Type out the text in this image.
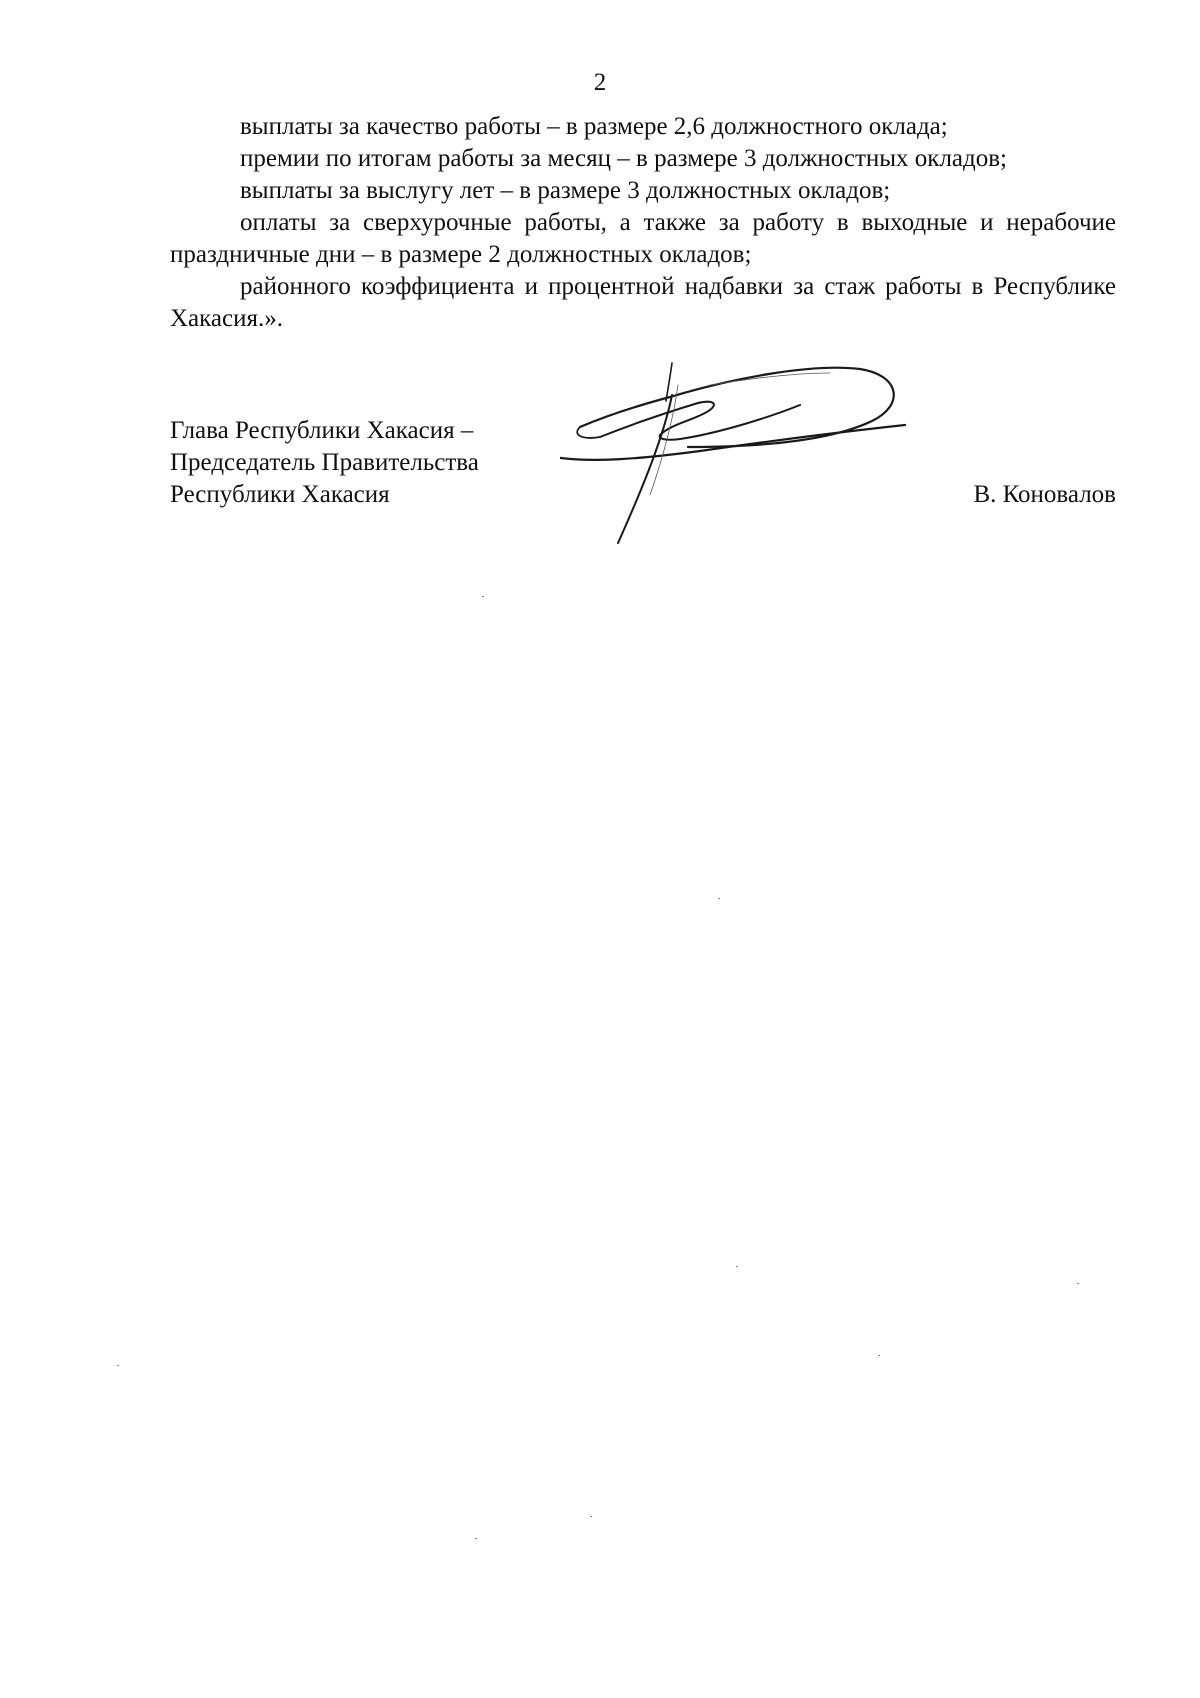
2

выплаты за качество работы – в размере 2,6 должностного оклада;

премии по итогам работы за месяц – в размере 3 должностных окладов;

выплаты за выслугу лет – в размере 3 должностных окладов;

оплаты за сверхурочные работы, а также за работу в выходные и нерабочие праздничные дни – в размере 2 должностных окладов;

районного коэффициента и процентной надбавки за стаж работы в Республике Хакасия.».

Глава Республики Хакасия –
Председатель Правительства
Республики Хакасия	В. Коновалов
